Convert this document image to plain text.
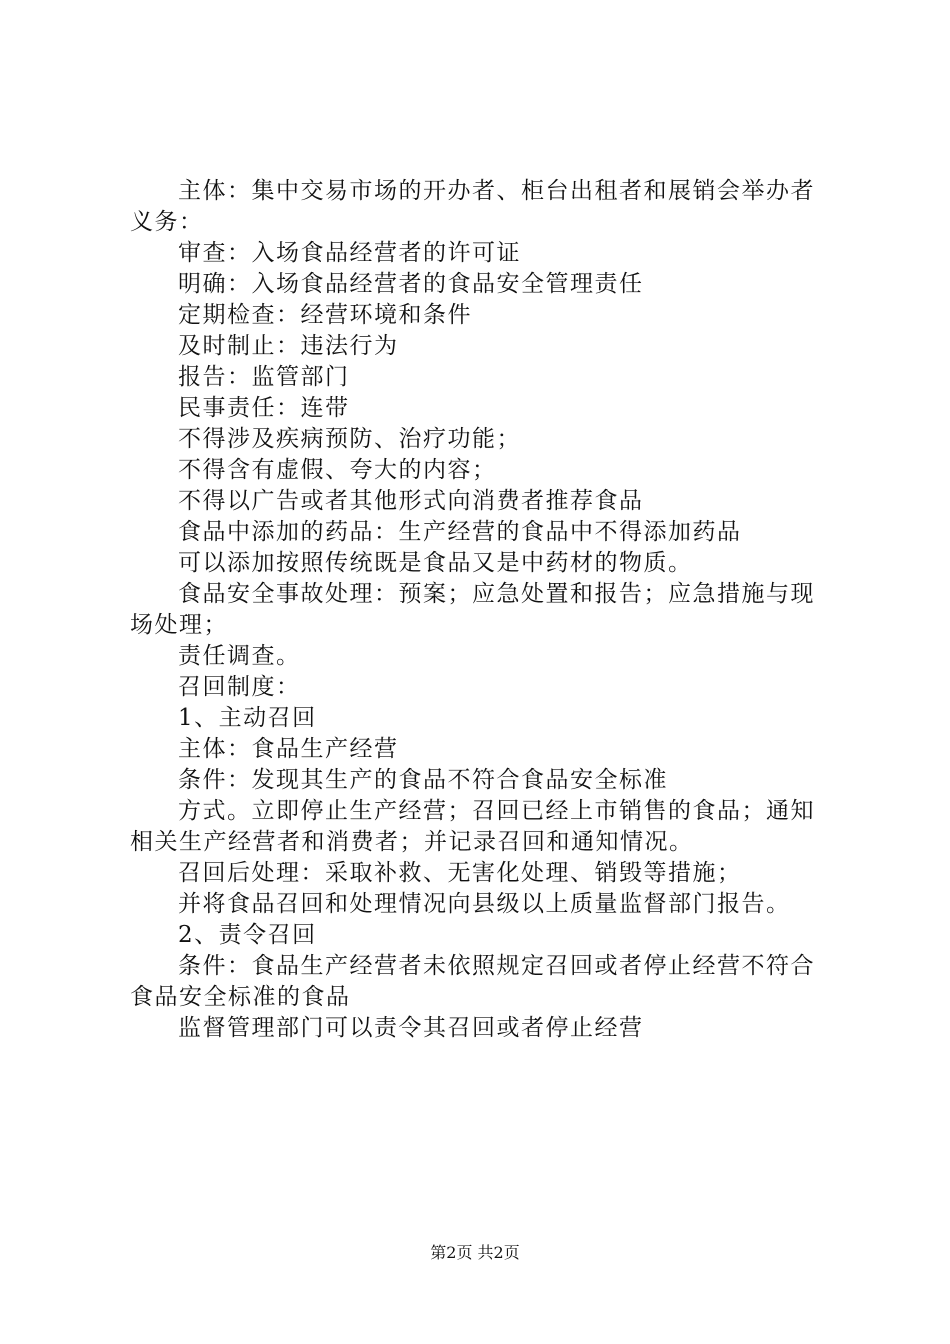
主体：集中交易市场的开办者、柜台出租者和展销会举办者义务：

审查：入场食品经营者的许可证

明确：入场食品经营者的食品安全管理责任

定期检查：经营环境和条件

及时制止：违法行为

报告：监管部门

民事责任：连带

不得涉及疾病预防、治疗功能；

不得含有虚假、夸大的内容；

不得以广告或者其他形式向消费者推荐食品

食品中添加的药品：生产经营的食品中不得添加药品

可以添加按照传统既是食品又是中药材的物质。

食品安全事故处理：预案；应急处置和报告；应急措施与现场处理；

责任调查。

召回制度：

1、主动召回

主体：食品生产经营

条件：发现其生产的食品不符合食品安全标准

方式。立即停止生产经营；召回已经上市销售的食品；通知相关生产经营者和消费者；并记录召回和通知情况。

召回后处理：采取补救、无害化处理、销毁等措施；

并将食品召回和处理情况向县级以上质量监督部门报告。

2、责令召回

条件：食品生产经营者未依照规定召回或者停止经营不符合食品安全标准的食品

监督管理部门可以责令其召回或者停止经营

第2页 共2页
